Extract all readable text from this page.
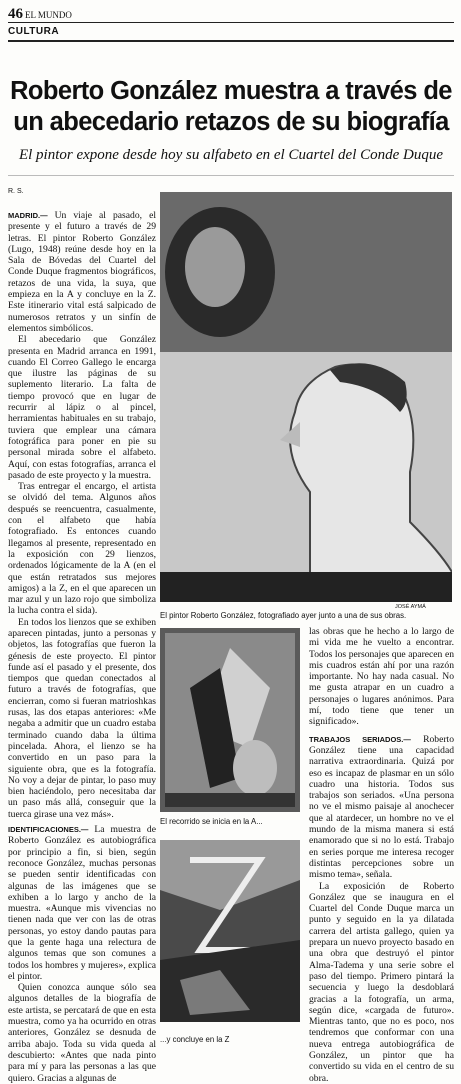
46 EL MUNDO
CULTURA
Roberto González muestra a través de un abecedario retazos de su biografía
El pintor expone desde hoy su alfabeto en el Cuartel del Conde Duque
R. S.

MADRID.— Un viaje al pasado, el presente y el futuro a través de 29 letras. El pintor Roberto González (Lugo, 1948) reúne desde hoy en la Sala de Bóvedas del Cuartel del Conde Duque fragmentos biográficos, retazos de una vida, la suya, que empieza en la A y concluye en la Z. Este itinerario vital está salpicado de numerosos retratos y un sinfín de elementos simbólicos.

El abecedario que González presenta en Madrid arranca en 1991, cuando El Correo Gallego le encarga que ilustre las páginas de su suplemento literario. La falta de tiempo provocó que en lugar de recurrir al lápiz o al pincel, herramientas habituales en su trabajo, tuviera que emplear una cámara fotográfica para poner en pie su personal mirada sobre el alfabeto. Aquí, con estas fotografías, arranca el pasado de este proyecto y la muestra.

Tras entregar el encargo, el artista se olvidó del tema. Algunos años después se reencuentra, casualmente, con el alfabeto que había fotografiado. Es entonces cuando llegamos al presente, representado en la exposición con 29 lienzos, ordenados lógicamente de la A (en el que están retratados sus mejores amigos) a la Z, en el que aparecen un mar azul y un lazo rojo que simboliza la lucha contra el sida).

En todos los lienzos que se exhiben aparecen pintadas, junto a personas y objetos, las fotografías que fueron la génesis de este proyecto. El pintor funde así el pasado y el presente, dos tiempos que quedan conectados al futuro a través de fotografías, que encierran, como si fueran matrioshkas rusas, las dos etapas anteriores: «Me negaba a admitir que un cuadro estaba terminado cuando daba la última pincelada. Ahora, el lienzo se ha convertido en un paso para la siguiente obra, que es la fotografía. No voy a dejar de pintar, lo paso muy bien haciéndolo, pero necesitaba dar un paso más allá, conseguir que la tuerca girase una vez más».

IDENTIFICACIONES.— La muestra de Roberto González es autobiográfica por principio a fin, si bien, según reconoce González, muchas personas se pueden sentir identificadas con algunas de las imágenes que se exhiben a lo largo y ancho de la muestra. «Aunque mis vivencias no tienen nada que ver con las de otras personas, yo estoy dando pautas para que la gente haga una relectura de algunos temas que son comunes a todos los hombres y mujeres», explica el pintor.

Quien conozca aunque sólo sea algunos detalles de la biografía de este artista, se percatará de que en esta muestra, como ya ha ocurrido en otras anteriores, González se desnuda de arriba abajo. Toda su vida queda al descubierto: «Antes que nada pinto para mí y para las personas a las que quiero. Gracias a algunas de

JOSÉ AYMÁ
El pintor Roberto González, fotografiado ayer junto a una de sus obras.
El recorrido se inicia en la A...
...y concluye en la Z

las obras que he hecho a lo largo de mi vida me he vuelto a encontrar. Todos los personajes que aparecen en mis cuadros están ahí por una razón importante. No hay nada casual. No me gusta atrapar en un cuadro a personajes o lugares anónimos. Para mí, todo tiene que tener un significado».

TRABAJOS SERIADOS.— Roberto González tiene una capacidad narrativa extraordinaria. Quizá por eso es incapaz de plasmar en un sólo cuadro una historia. Todos sus trabajos son seriados. «Una persona no ve el mismo paisaje al anochecer que al atardecer, un hombre no ve el mundo de la misma manera si está enamorado que si no lo está. Trabajo en series porque me interesa recoger distintas percepciones sobre un mismo tema», señala.

La exposición de Roberto González que se inaugura en el Cuartel del Conde Duque marca un punto y seguido en la ya dilatada carrera del artista gallego, quien ya prepara un nuevo proyecto basado en una obra que destruyó el pintor Alma-Tadema y una serie sobre el paso del tiempo. Primero pintará la secuencia y luego la desdoblará gracias a la fotografía, un arma, según dice, «cargada de futuro». Mientras tanto, que no es poco, nos tendremos que conformar con una nueva entrega autobiográfica de González, un pintor que ha convertido su vida en el centro de su obra.
